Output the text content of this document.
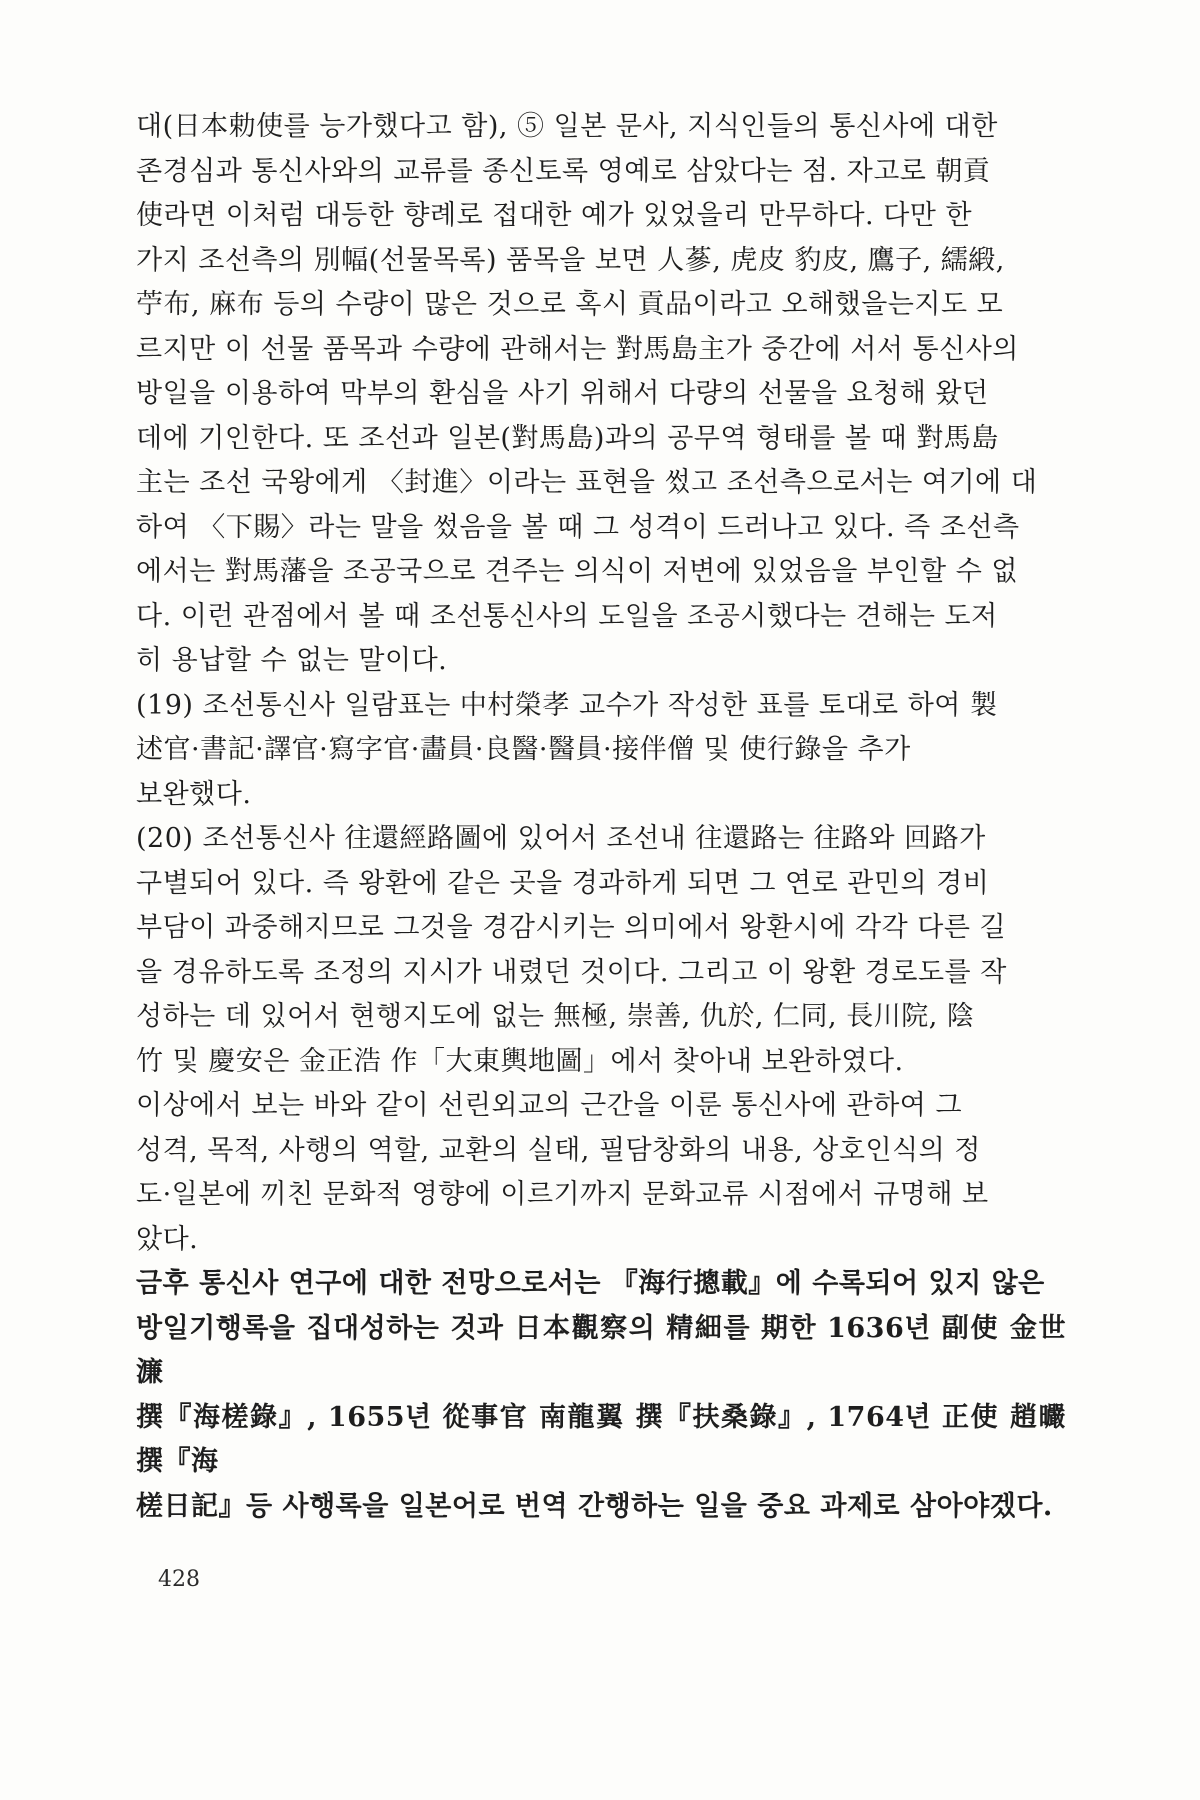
대(日本勅使를 능가했다고 함), ⑤ 일본 문사, 지식인들의 통신사에 대한
존경심과 통신사와의 교류를 종신토록 영예로 삼았다는 점. 자고로 朝貢
使라면 이처럼 대등한 향례로 접대한 예가 있었을리 만무하다. 다만 한
가지 조선측의 別幅(선물목록) 품목을 보면 人蔘, 虎皮 豹皮, 鷹子, 繻緞,
苧布, 麻布 등의 수량이 많은 것으로 혹시 貢品이라고 오해했을는지도 모
르지만 이 선물 품목과 수량에 관해서는 對馬島主가 중간에 서서 통신사의
방일을 이용하여 막부의 환심을 사기 위해서 다량의 선물을 요청해 왔던
데에 기인한다. 또 조선과 일본(對馬島)과의 공무역 형태를 볼 때 對馬島
主는 조선 국왕에게 〈封進〉이라는 표현을 썼고 조선측으로서는 여기에 대
하여 〈下賜〉라는 말을 썼음을 볼 때 그 성격이 드러나고 있다. 즉 조선측
에서는 對馬藩을 조공국으로 견주는 의식이 저변에 있었음을 부인할 수 없
다. 이런 관점에서 볼 때 조선통신사의 도일을 조공시했다는 견해는 도저
히 용납할 수 없는 말이다.

(19) 조선통신사 일람표는 中村榮孝 교수가 작성한 표를 토대로 하여 製
述官·書記·譯官·寫字官·畵員·良醫·醫員·接伴僧 및 使行錄을 추가
보완했다.

(20) 조선통신사 往還經路圖에 있어서 조선내 往還路는 往路와 回路가
구별되어 있다. 즉 왕환에 같은 곳을 경과하게 되면 그 연로 관민의 경비
부담이 과중해지므로 그것을 경감시키는 의미에서 왕환시에 각각 다른 길
을 경유하도록 조정의 지시가 내렸던 것이다. 그리고 이 왕환 경로도를 작
성하는 데 있어서 현행지도에 없는 無極, 崇善, 仇於, 仁同, 長川院, 陰
竹 및 慶安은 金正浩 作「大東輿地圖」에서 찾아내 보완하였다.

이상에서 보는 바와 같이 선린외교의 근간을 이룬 통신사에 관하여 그
성격, 목적, 사행의 역할, 교환의 실태, 필담창화의 내용, 상호인식의 정
도·일본에 끼친 문화적 영향에 이르기까지 문화교류 시점에서 규명해 보
았다.

금후 통신사 연구에 대한 전망으로서는 『海行摠載』에 수록되어 있지 않은
방일기행록을 집대성하는 것과 日本觀察의 精細를 期한 1636년 副使 金世濂
撰『海槎錄』, 1655년 從事官 南龍翼 撰『扶桑錄』, 1764년 正使 趙曮 撰『海
槎日記』등 사행록을 일본어로 번역 간행하는 일을 중요 과제로 삼아야겠다.

428
